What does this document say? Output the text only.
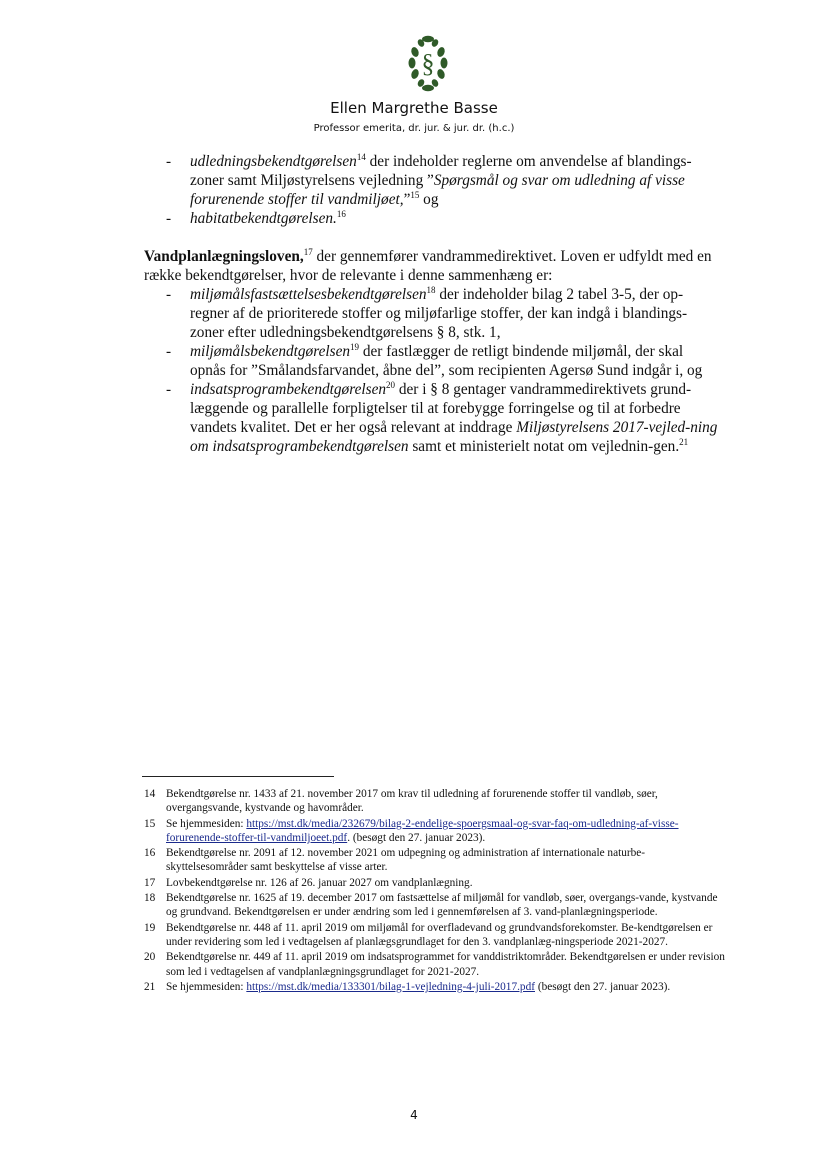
§
Ellen Margrethe Basse
Professor emerita, dr. jur. & jur. dr. (h.c.)

- udledningsbekendtgørelsen$^{14}$ der indeholder reglerne om anvendelse af blandings-zoner samt Miljøstyrelsens vejledning ”Spørgsmål og svar om udledning af visse forurenende stoffer til vandmiljøet,”$^{15}$ og

- habitatbekendtgørelsen.$^{16}$

Vandplanlægningsloven,$^{17}$ der gennemfører vandrammedirektivet. Loven er udfyldt med en række bekendtgørelser, hvor de relevante i denne sammenhæng er:

- miljømålsfastsættelsesbekendtgørelsen$^{18}$ der indeholder bilag 2 tabel 3-5, der op-regner af de prioriterede stoffer og miljøfarlige stoffer, der kan indgå i blandings-zoner efter udledningsbekendtgørelsens § 8, stk. 1,

- miljømålsbekendtgørelsen$^{19}$ der fastlægger de retligt bindende miljømål, der skal opnås for ”Smålandsfarvandet, åbne del”, som recipienten Agersø Sund indgår i, og

- indsatsprogrambekendtgørelsen$^{20}$ der i § 8 gentager vandrammedirektivets grund-læggende og parallelle forpligtelser til at forebygge forringelse og til at forbedre vandets kvalitet. Det er her også relevant at inddrage Miljøstyrelsens 2017-vejled-ning om indsatsprogrambekendtgørelsen samt et ministerielt notat om vejlednin-gen.$^{21}$

14 Bekendtgørelse nr. 1433 af 21. november 2017 om krav til udledning af forurenende stoffer til vandløb, søer, overgangsvande, kystvande og havområder.

15 Se hjemmesiden: https://mst.dk/media/232679/bilag-2-endelige-spoergsmaal-og-svar-faq-om-udledning-af-visse-forurenende-stoffer-til-vandmiljoeet.pdf. (besøgt den 27. januar 2023).

16 Bekendtgørelse nr. 2091 af 12. november 2021 om udpegning og administration af internationale naturbe-skyttelsesområder samt beskyttelse af visse arter.

17 Lovbekendtgørelse nr. 126 af 26. januar 2027 om vandplanlægning.

18 Bekendtgørelse nr. 1625 af 19. december 2017 om fastsættelse af miljømål for vandløb, søer, overgangs-vande, kystvande og grundvand. Bekendtgørelsen er under ændring som led i gennemførelsen af 3. vand-planlægningsperiode.

19 Bekendtgørelse nr. 448 af 11. april 2019 om miljømål for overfladevand og grundvandsforekomster. Be-kendtgørelsen er under revidering som led i vedtagelsen af planlægsgrundlaget for den 3. vandplanlæg-ningsperiode 2021-2027.

20 Bekendtgørelse nr. 449 af 11. april 2019 om indsatsprogrammet for vanddistriktområder. Bekendtgørelsen er under revision som led i vedtagelsen af vandplanlægningsgrundlaget for 2021-2027.

21 Se hjemmesiden: https://mst.dk/media/133301/bilag-1-vejledning-4-juli-2017.pdf (besøgt den 27. januar 2023).

4
